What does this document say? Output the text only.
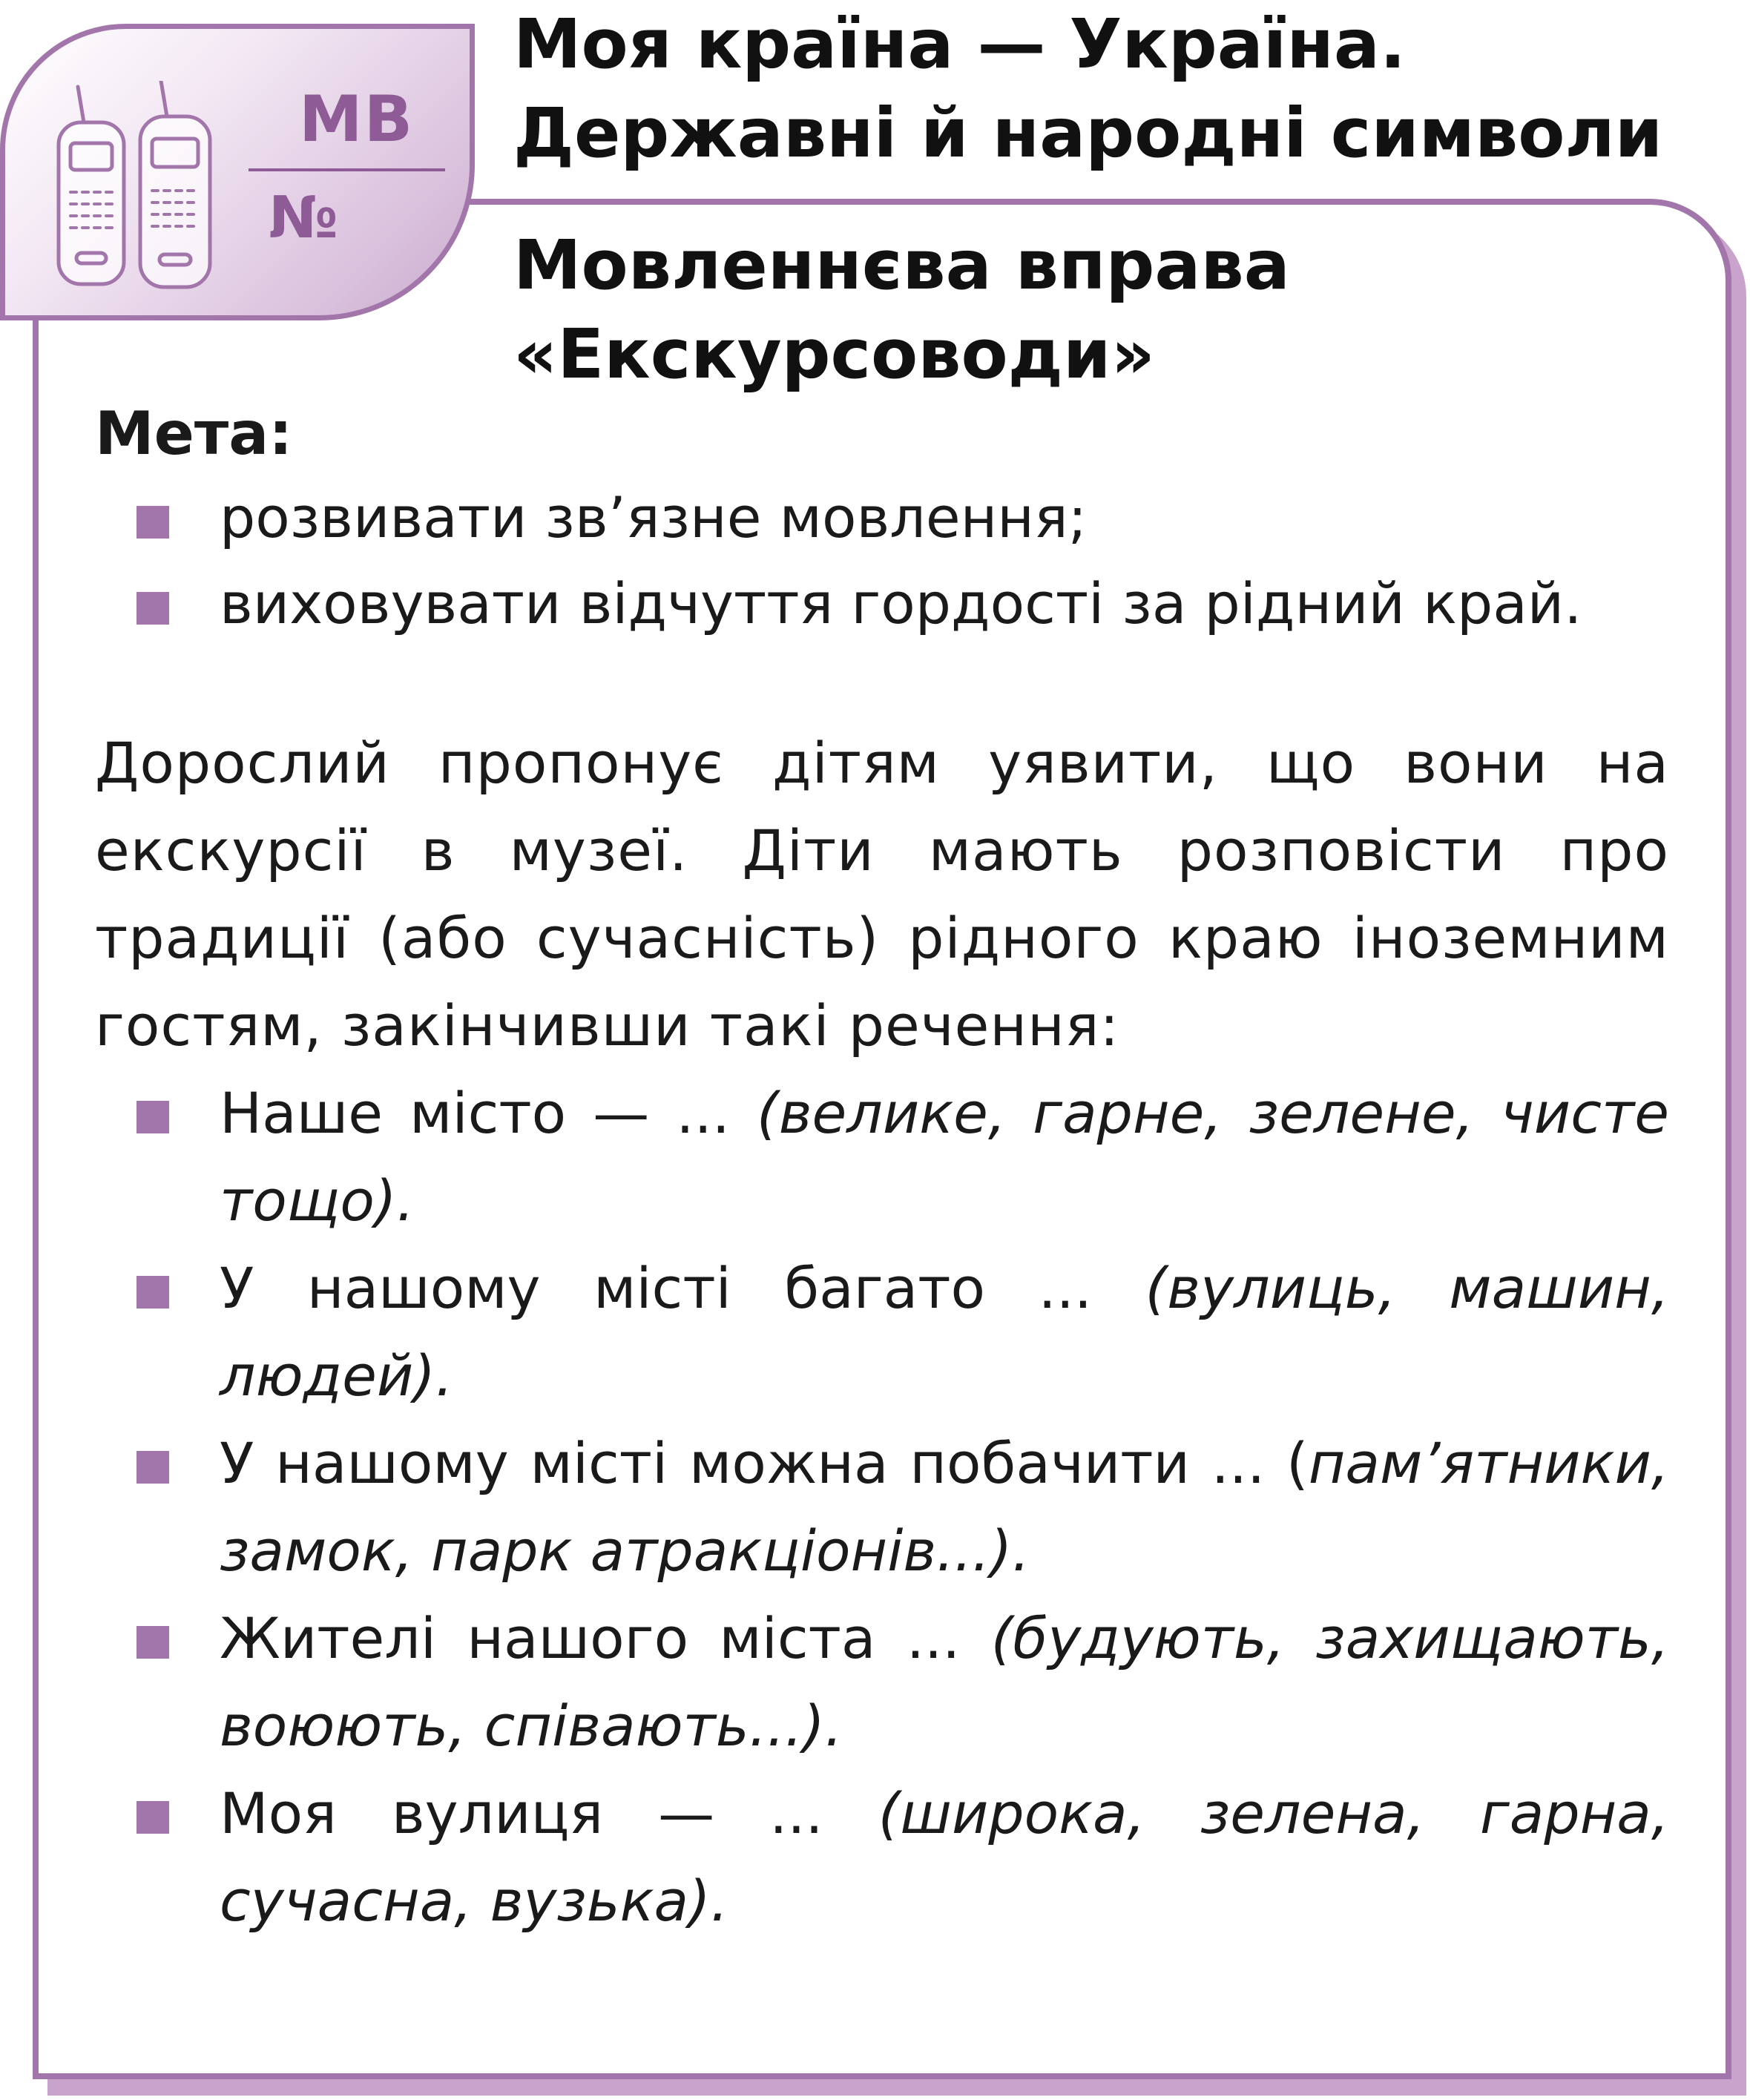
МВ
№
Моя країна — Україна.
Державні й народні символи
Мовленнєва вправа
«Екскурсоводи»

Мета:

розвивати зв’язне мовлення;
виховувати відчуття гордості за рідний край.

Дорослий пропонує дітям уявити, що вони на екскурсії в музеї. Діти мають розповісти про традиції (або сучасність) рідного краю іноземним гостям, закінчивши такі речення:

Наше місто — ... (велике, гарне, зелене, чисте тощо).
У нашому місті багато ... (вулиць, машин, людей).
У нашому місті можна побачити ... (пам’ятники, замок, парк атракціонів...).
Жителі нашого міста ... (будують, захищають, воюють, співають...).
Моя вулиця — ... (широка, зелена, гарна, сучасна, вузька).
